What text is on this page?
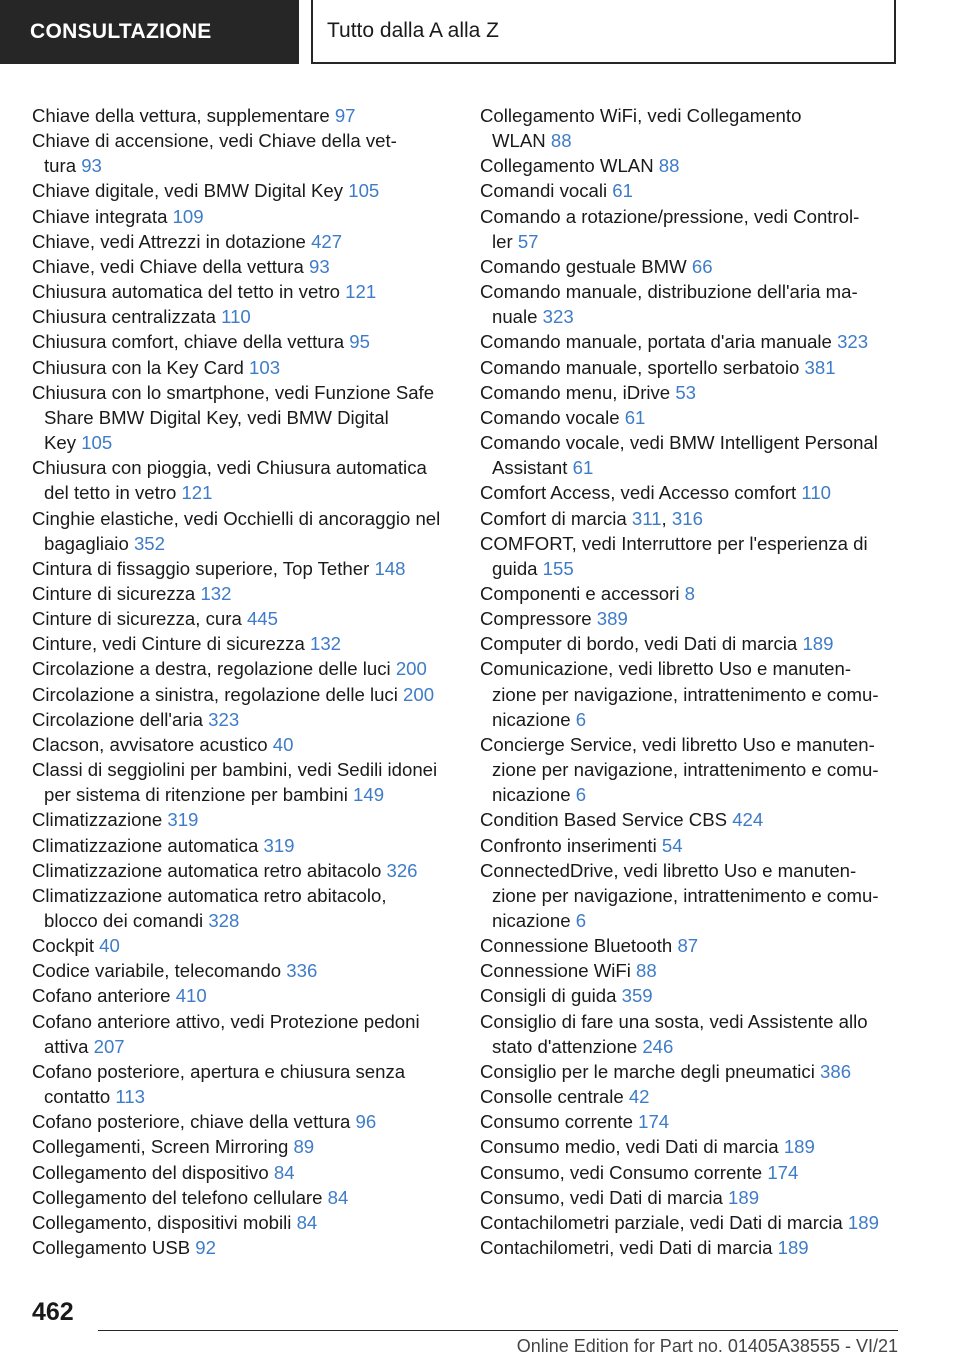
CONSULTAZIONE	Tutto dalla A alla Z
Chiave della vettura, supplementare 97
Chiave di accensione, vedi Chiave della vet-
tura 93
Chiave digitale, vedi BMW Digital Key 105
Chiave integrata 109
Chiave, vedi Attrezzi in dotazione 427
Chiave, vedi Chiave della vettura 93
Chiusura automatica del tetto in vetro 121
Chiusura centralizzata 110
Chiusura comfort, chiave della vettura 95
Chiusura con la Key Card 103
Chiusura con lo smartphone, vedi Funzione Safe
Share BMW Digital Key, vedi BMW Digital
Key 105
Chiusura con pioggia, vedi Chiusura automatica
del tetto in vetro 121
Cinghie elastiche, vedi Occhielli di ancoraggio nel
bagagliaio 352
Cintura di fissaggio superiore, Top Tether 148
Cinture di sicurezza 132
Cinture di sicurezza, cura 445
Cinture, vedi Cinture di sicurezza 132
Circolazione a destra, regolazione delle luci 200
Circolazione a sinistra, regolazione delle luci 200
Circolazione dell'aria 323
Clacson, avvisatore acustico 40
Classi di seggiolini per bambini, vedi Sedili idonei
per sistema di ritenzione per bambini 149
Climatizzazione 319
Climatizzazione automatica 319
Climatizzazione automatica retro abitacolo 326
Climatizzazione automatica retro abitacolo,
blocco dei comandi 328
Cockpit 40
Codice variabile, telecomando 336
Cofano anteriore 410
Cofano anteriore attivo, vedi Protezione pedoni
attiva 207
Cofano posteriore, apertura e chiusura senza
contatto 113
Cofano posteriore, chiave della vettura 96
Collegamenti, Screen Mirroring 89
Collegamento del dispositivo 84
Collegamento del telefono cellulare 84
Collegamento, dispositivi mobili 84
Collegamento USB 92
Collegamento WiFi, vedi Collegamento
WLAN 88
Collegamento WLAN 88
Comandi vocali 61
Comando a rotazione/pressione, vedi Control-
ler 57
Comando gestuale BMW 66
Comando manuale, distribuzione dell'aria ma-
nuale 323
Comando manuale, portata d'aria manuale 323
Comando manuale, sportello serbatoio 381
Comando menu, iDrive 53
Comando vocale 61
Comando vocale, vedi BMW Intelligent Personal
Assistant 61
Comfort Access, vedi Accesso comfort 110
Comfort di marcia 311, 316
COMFORT, vedi Interruttore per l'esperienza di
guida 155
Componenti e accessori 8
Compressore 389
Computer di bordo, vedi Dati di marcia 189
Comunicazione, vedi libretto Uso e manuten-
zione per navigazione, intrattenimento e comu-
nicazione 6
Concierge Service, vedi libretto Uso e manuten-
zione per navigazione, intrattenimento e comu-
nicazione 6
Condition Based Service CBS 424
Confronto inserimenti 54
ConnectedDrive, vedi libretto Uso e manuten-
zione per navigazione, intrattenimento e comu-
nicazione 6
Connessione Bluetooth 87
Connessione WiFi 88
Consigli di guida 359
Consiglio di fare una sosta, vedi Assistente allo
stato d'attenzione 246
Consiglio per le marche degli pneumatici 386
Consolle centrale 42
Consumo corrente 174
Consumo medio, vedi Dati di marcia 189
Consumo, vedi Consumo corrente 174
Consumo, vedi Dati di marcia 189
Contachilometri parziale, vedi Dati di marcia 189
Contachilometri, vedi Dati di marcia 189
462
Online Edition for Part no. 01405A38555 - VI/21
